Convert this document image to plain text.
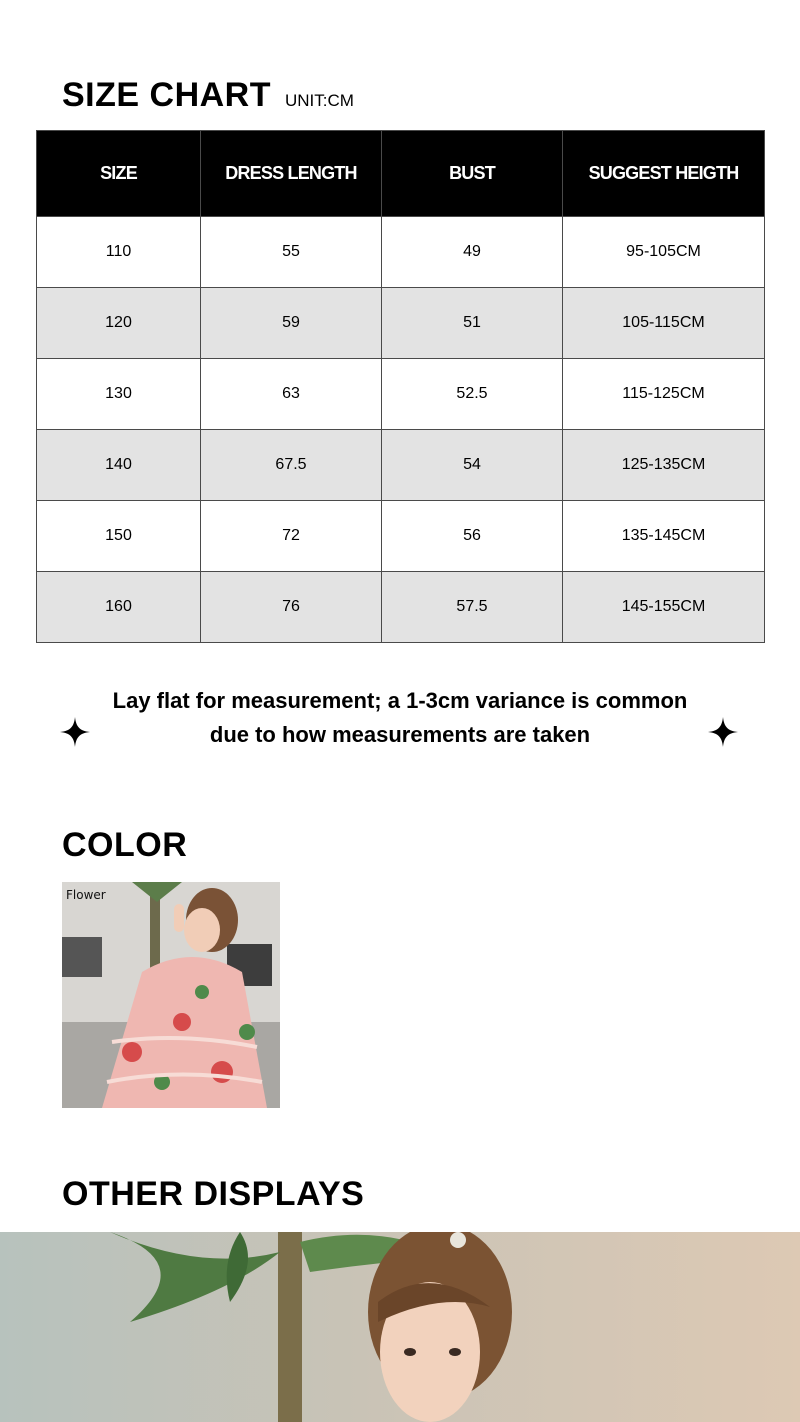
SIZE CHART UNIT:CM
SIZE	DRESS LENGTH	BUST	SUGGEST HEIGTH
110	55	49	95-105CM
120	59	51	105-115CM
130	63	52.5	115-125CM
140	67.5	54	125-135CM
150	72	56	135-145CM
160	76	57.5	145-155CM
Lay flat for measurement; a 1-3cm variance is common due to how measurements are taken
COLOR
Flower
OTHER DISPLAYS
